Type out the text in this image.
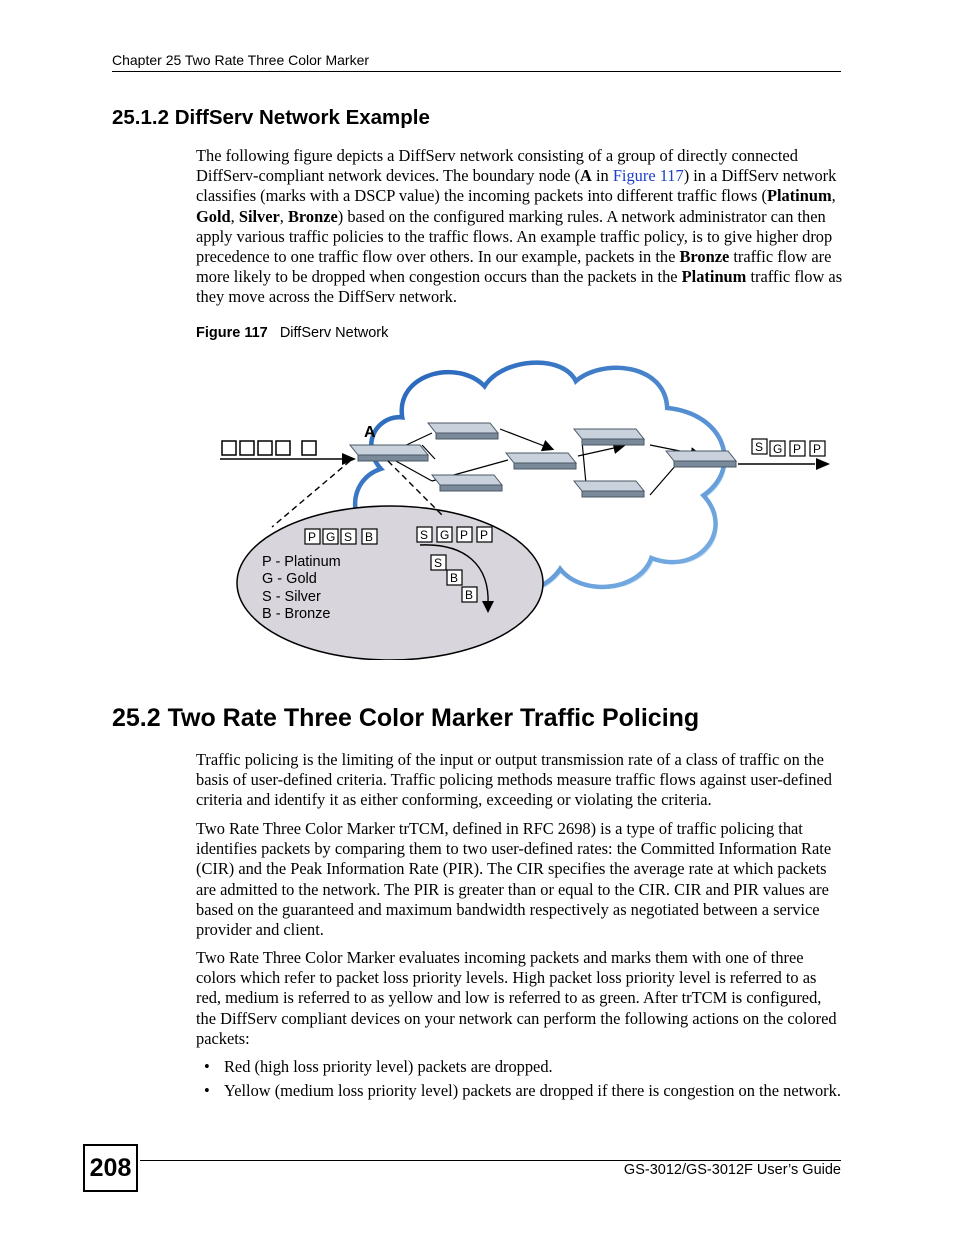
Chapter 25 Two Rate Three Color Marker
25.1.2 DiffServ Network Example

The following figure depicts a DiffServ network consisting of a group of directly connected DiffServ-compliant network devices. The boundary node (A in Figure 117) in a DiffServ network classifies (marks with a DSCP value) the incoming packets into different traffic flows (Platinum, Gold, Silver, Bronze) based on the configured marking rules. A network administrator can then apply various traffic policies to the traffic flows. An example traffic policy, is to give higher drop precedence to one traffic flow over others. In our example, packets in the Bronze traffic flow are more likely to be dropped when congestion occurs than the packets in the Platinum traffic flow as they move across the DiffServ network.

Figure 117 DiffServ Network
A
S G P P
P G S B	S G P P
S
B
B
P - Platinum
G - Gold
S - Silver
B - Bronze
25.2 Two Rate Three Color Marker Traffic Policing

Traffic policing is the limiting of the input or output transmission rate of a class of traffic on the basis of user-defined criteria. Traffic policing methods measure traffic flows against user-defined criteria and identify it as either conforming, exceeding or violating the criteria.

Two Rate Three Color Marker trTCM, defined in RFC 2698) is a type of traffic policing that identifies packets by comparing them to two user-defined rates: the Committed Information Rate (CIR) and the Peak Information Rate (PIR). The CIR specifies the average rate at which packets are admitted to the network. The PIR is greater than or equal to the CIR. CIR and PIR values are based on the guaranteed and maximum bandwidth respectively as negotiated between a service provider and client.

Two Rate Three Color Marker evaluates incoming packets and marks them with one of three colors which refer to packet loss priority levels. High packet loss priority level is referred to as red, medium is referred to as yellow and low is referred to as green. After trTCM is configured, the DiffServ compliant devices on your network can perform the following actions on the colored packets:

• Red (high loss priority level) packets are dropped.
• Yellow (medium loss priority level) packets are dropped if there is congestion on the network.
208	GS-3012/GS-3012F User’s Guide
